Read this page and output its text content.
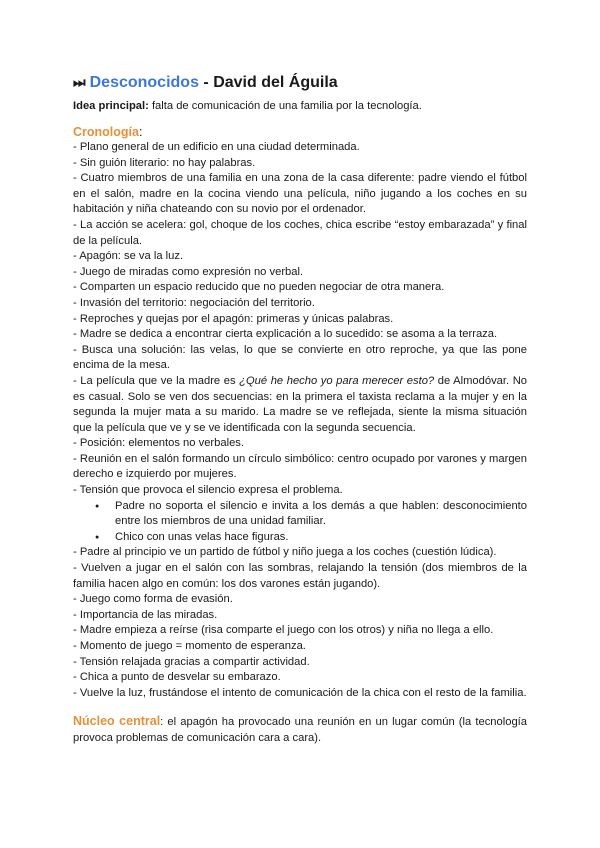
⏭ Desconocidos - David del Águila

Idea principal: falta de comunicación de una familia por la tecnología.

Cronología:

- Plano general de un edificio en una ciudad determinada.

- Sin guión literario: no hay palabras.

- Cuatro miembros de una familia en una zona de la casa diferente: padre viendo el fútbol en el salón, madre en la cocina viendo una película, niño jugando a los coches en su habitación y niña chateando con su novio por el ordenador.

- La acción se acelera: gol, choque de los coches, chica escribe “estoy embarazada” y final de la película.

- Apagón: se va la luz.

- Juego de miradas como expresión no verbal.

- Comparten un espacio reducido que no pueden negociar de otra manera.

- Invasión del territorio: negociación del territorio.

- Reproches y quejas por el apagón: primeras y únicas palabras.

- Madre se dedica a encontrar cierta explicación a lo sucedido: se asoma a la terraza.

- Busca una solución: las velas, lo que se convierte en otro reproche, ya que las pone encima de la mesa.

- La película que ve la madre es ¿Qué he hecho yo para merecer esto? de Almodóvar. No es casual. Solo se ven dos secuencias: en la primera el taxista reclama a la mujer y en la segunda la mujer mata a su marido. La madre se ve reflejada, siente la misma situación que la película que ve y se ve identificada con la segunda secuencia.

- Posición: elementos no verbales.

- Reunión en el salón formando un círculo simbólico: centro ocupado por varones y margen derecho e izquierdo por mujeres.

- Tensión que provoca el silencio expresa el problema.

● Padre no soporta el silencio e invita a los demás a que hablen: desconocimiento entre los miembros de una unidad familiar.
● Chico con unas velas hace figuras.

- Padre al principio ve un partido de fútbol y niño juega a los coches (cuestión lúdica).

- Vuelven a jugar en el salón con las sombras, relajando la tensión (dos miembros de la familia hacen algo en común: los dos varones están jugando).

- Juego como forma de evasión.

- Importancia de las miradas.

- Madre empieza a reírse (risa comparte el juego con los otros) y niña no llega a ello.

- Momento de juego = momento de esperanza.

- Tensión relajada gracias a compartir actividad.

- Chica a punto de desvelar su embarazo.

- Vuelve la luz, frustándose el intento de comunicación de la chica con el resto de la familia.

Núcleo central: el apagón ha provocado una reunión en un lugar común (la tecnología provoca problemas de comunicación cara a cara).
